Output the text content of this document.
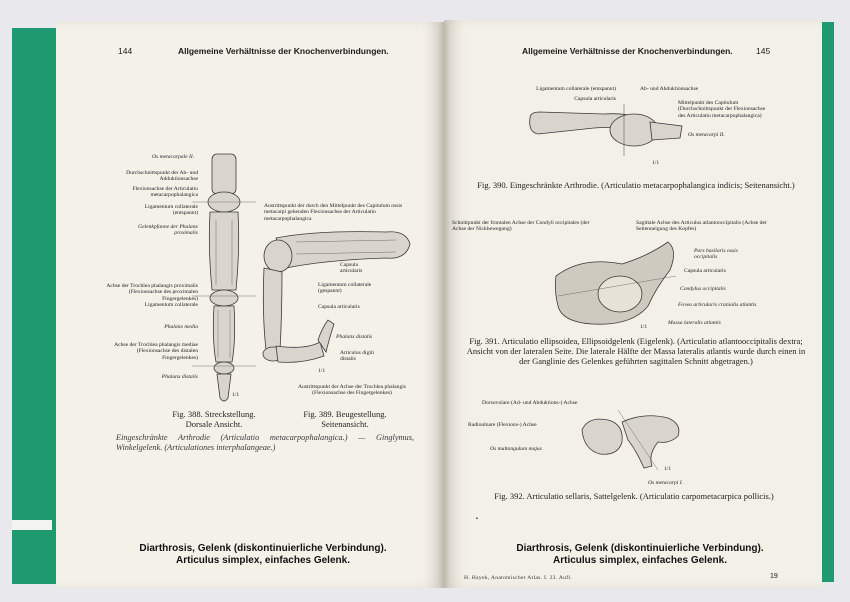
144	Allgemeine Verhältnisse der Knochenverbindungen.
Os metacarpale II.
Durchschnittspunkt der Ab- und Adduktionsachse
Flexionsachse der Articulatio metacarpophalangica
Ligamentum collaterale (entspannt)
Gelenkpfanne der Phalanx proximalis
Achse der Trochlea phalangis proximalis (Flexionsachse des proximalen Fingergelenkes)
Ligamentum collaterale
Phalanx media
Achse der Trochlea phalangis mediae (Flexionsachse des distalen Fingergelenkes)
Phalanx distalis
1/1
Austrittspunkt der durch den Mittelpunkt des Capitulum ossis metacarpi gehenden Flexionsachse der Articulatio metacarpophalangica
Capsula articularis
Ligamentum collaterale (gespannt)
Capsula articularis
Phalanx distalis
Articulus digiti distalis
Austrittspunkt der Achse der Trochlea phalangis (Flexionsachse des Fingergelenkes)
1/1
Fig. 388. Streckstellung.
Dorsale Ansicht.
Fig. 389. Beugestellung.
Seitenansicht.
Eingeschränkte Arthrodie (Articulatio metacarpophalangica.) — Ginglymus, Winkelgelenk. (Articulationes interphalangeae.)
Diarthrosis, Gelenk (diskontinuierliche Verbindung).
Articulus simplex, einfaches Gelenk.
Allgemeine Verhältnisse der Knochenverbindungen.	145
Ligamentum collaterale (entspannt)
Capsula articularis
Ab- und Abduktionsachse
Mittelpunkt des Capitulum (Durchschnittspunkt der Flexionsachse des Articulatio metacarpophalangica)
Os metacarpi II.
1/1
Fig. 390. Eingeschränkte Arthrodie. (Articulatio metacarpophalangica indicis; Seitenansicht.)
Schnittpunkt der frontalen Achse der Condyli occipitales (der Achse der Nickbewegung)
Sagittale Achse des Articulus atlantooccipitalis (Achse der Seitenneigung des Kopfes)
Pars basilaris ossis occipitalis
Capsula articularis
Condylus occipitalis
Fovea articularis cranialis atlantis
Massa lateralis atlantis
1/1
Fig. 391. Articulatio ellipsoidea, Ellipsoidgelenk (Eigelenk). (Articulatio atlantooccipitalis dextra; Ansicht von der lateralen Seite. Die laterale Hälfte der Massa lateralis atlantis wurde durch einen in der Ganglinie des Gelenkes geführten sagittalen Schnitt abgetragen.)
Dorsovolare (Ad- und Abduktions-) Achse
Radioulnare (Flexions-) Achse
Os multangulum majus
Os metacarpi I.
1/1
Fig. 392. Articulatio sellaris, Sattelgelenk. (Articulatio carpometacarpica pollicis.)
▪
Diarthrosis, Gelenk (diskontinuierliche Verbindung).
Articulus simplex, einfaches Gelenk.
H. Hayek, Anatomischer Atlas. I. 23. Aufl.	19
